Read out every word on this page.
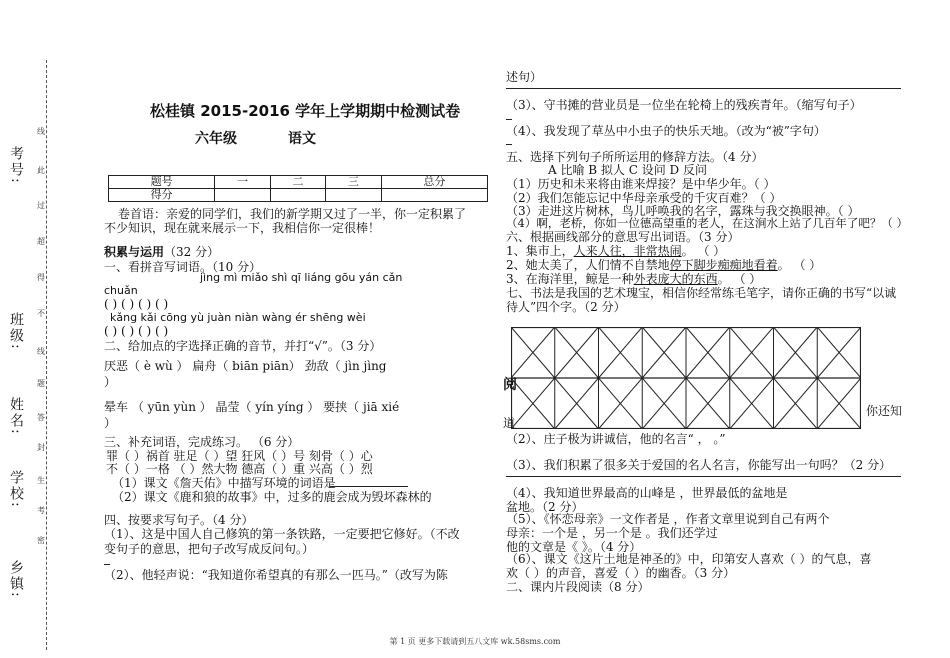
考号:
班级:
姓名:
学校:
乡镇:
线
此
过
超
得
不
线
题
答
封
生
考
密
松桂镇 2015-2016 学年上学期期中检测试卷
六年级	语文
题号	一	二	三	总分
得分				
卷首语：亲爱的同学们，我们的新学期又过了一半，你一定积累了
不少知识，现在就来展示一下，我相信你一定很棒！
积累与运用（32 分）
一、看拼音写词语。（10 分）
jìng mì miǎo shì qī liáng gōu yán cǎn
chuǎn
( ) ( ) ( ) ( )
kǎng kǎi cōng yù juàn niàn wàng ér shēng wèi
( ) ( ) ( ) ( )
二、给加点的字选择正确的音节，并打“√”。（3 分）
厌恶（ è wù ） 扁舟（ biān piān） 劲敌（ jìn jìng
）
晕车 （ yūn yùn ） 晶莹（ yín yíng ） 要挟（ jiā xié
）
三、补充词语，完成练习。 （6 分）
罪（ ）祸首 驻足（ ）望 狂风（ ）号 刻骨（ ）心
不（ ）一格 （ ）然大物 德高（ ）重 兴高（ ）烈
（1）课文《詹天佑》中描写环境的词语是
（2）课文《鹿和狼的故事》中，过多的鹿会成为毁坏森林的
四、按要求写句子。（4 分）
（1）、这是中国人自己修筑的第一条铁路，一定要把它修好。（不改
变句子的意思，把句子改写成反问句。）
（2）、他轻声说：“我知道你希望真的有那么一匹马。”（改写为陈
述句）
（3）、守书摊的营业员是一位坐在轮椅上的残疾青年。（缩写句子）
（4）、我发现了草丛中小虫子的快乐天地。（改为“被”字句）
五、选择下列句子所所运用的修辞方法。（4 分）
A 比喻 B 拟人 C 设问 D 反问
（1）历史和未来将由谁来焊接？是中华少年。（ ）
（2）我们怎能忘记中华母亲承受的千灾百难？（ ）
（3）走进这片树林，鸟儿呼唤我的名字，露珠与我交换眼神。（ ）
（4）啊，老桥，你如一位德高望重的老人，在这涧水上站了几百年了吧？（ ）
六、根据画线部分的意思写出词语。（3 分）
1、集市上，人来人往，非常热闹。 （ ）
2、她太美了，人们情不自禁地停下脚步痴痴地看着。 （ ）
3、在海洋里，鲸是一种外表庞大的东西。 （ ）
七、书法是我国的艺术瑰宝，相信你经常练毛笔字，请你正确的书写“以诚
待人”四个字。（2 分）
阅
道
你还知
（2）、庄子极为讲诚信，他的名言“ ， 。”
（3）、我们积累了很多关于爱国的名人名言，你能写出一句吗？（2 分）
（4）、我知道世界最高的山峰是 ，世界最低的盆地是
盆地。（2 分）
（5）、《怀恋母亲》一文作者是 ，作者文章里说到自己有两个
母亲：一个是 ，另一个是 。我们还学过
他的文章是《 》。（4 分）
（6）、课文《这片土地是神圣的》中，印第安人喜欢（ ）的气息，喜
欢（ ）的声音，喜爱（ ）的幽香。（3 分）
二、课内片段阅读（8 分）
第 1 页 更多下载请到五八文库 wk.58sms.com
